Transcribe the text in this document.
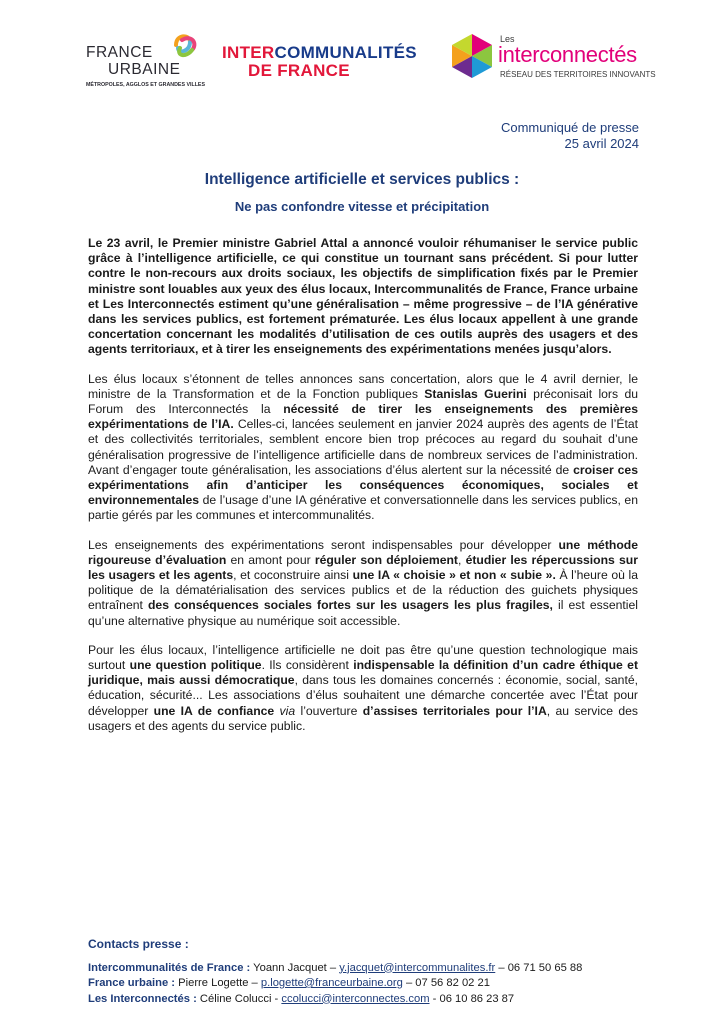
FRANCE
URBAINE
MÉTROPOLES, AGGLOS ET GRANDES VILLES
INTERCOMMUNALITÉS
DE FRANCE
Les
interconnectés
RÉSEAU DES TERRITOIRES INNOVANTS
Communiqué de presse
25 avril 2024
Intelligence artificielle et services publics :
Ne pas confondre vitesse et précipitation

Le 23 avril, le Premier ministre Gabriel Attal a annoncé vouloir réhumaniser le service public grâce à l’intelligence artificielle, ce qui constitue un tournant sans précédent. Si pour lutter contre le non-recours aux droits sociaux, les objectifs de simplification fixés par le Premier ministre sont louables aux yeux des élus locaux, Intercommunalités de France, France urbaine et Les Interconnectés estiment qu’une généralisation – même progressive – de l’IA générative dans les services publics, est fortement prématurée. Les élus locaux appellent à une grande concertation concernant les modalités d’utilisation de ces outils auprès des usagers et des agents territoriaux, et à tirer les enseignements des expérimentations menées jusqu’alors.

Les élus locaux s’étonnent de telles annonces sans concertation, alors que le 4 avril dernier, le ministre de la Transformation et de la Fonction publiques Stanislas Guerini préconisait lors du Forum des Interconnectés la nécessité de tirer les enseignements des premières expérimentations de l’IA. Celles-ci, lancées seulement en janvier 2024 auprès des agents de l’État et des collectivités territoriales, semblent encore bien trop précoces au regard du souhait d’une généralisation progressive de l’intelligence artificielle dans de nombreux services de l’administration. Avant d’engager toute généralisation, les associations d’élus alertent sur la nécessité de croiser ces expérimentations afin d’anticiper les conséquences économiques, sociales et environnementales de l’usage d’une IA générative et conversationnelle dans les services publics, en partie gérés par les communes et intercommunalités.

Les enseignements des expérimentations seront indispensables pour développer une méthode rigoureuse d’évaluation en amont pour réguler son déploiement, étudier les répercussions sur les usagers et les agents, et coconstruire ainsi une IA « choisie » et non « subie ». À l’heure où la politique de la dématérialisation des services publics et de la réduction des guichets physiques entraînent des conséquences sociales fortes sur les usagers les plus fragiles, il est essentiel qu’une alternative physique au numérique soit accessible.

Pour les élus locaux, l’intelligence artificielle ne doit pas être qu’une question technologique mais surtout une question politique. Ils considèrent indispensable la définition d’un cadre éthique et juridique, mais aussi démocratique, dans tous les domaines concernés : économie, social, santé, éducation, sécurité... Les associations d’élus souhaitent une démarche concertée avec l’État pour développer une IA de confiance via l’ouverture d’assises territoriales pour l’IA, au service des usagers et des agents du service public.

Contacts presse :
Intercommunalités de France : Yoann Jacquet – y.jacquet@intercommunalites.fr – 06 71 50 65 88
France urbaine : Pierre Logette – p.logette@franceurbaine.org – 07 56 82 02 21
Les Interconnectés : Céline Colucci - ccolucci@interconnectes.com - 06 10 86 23 87
